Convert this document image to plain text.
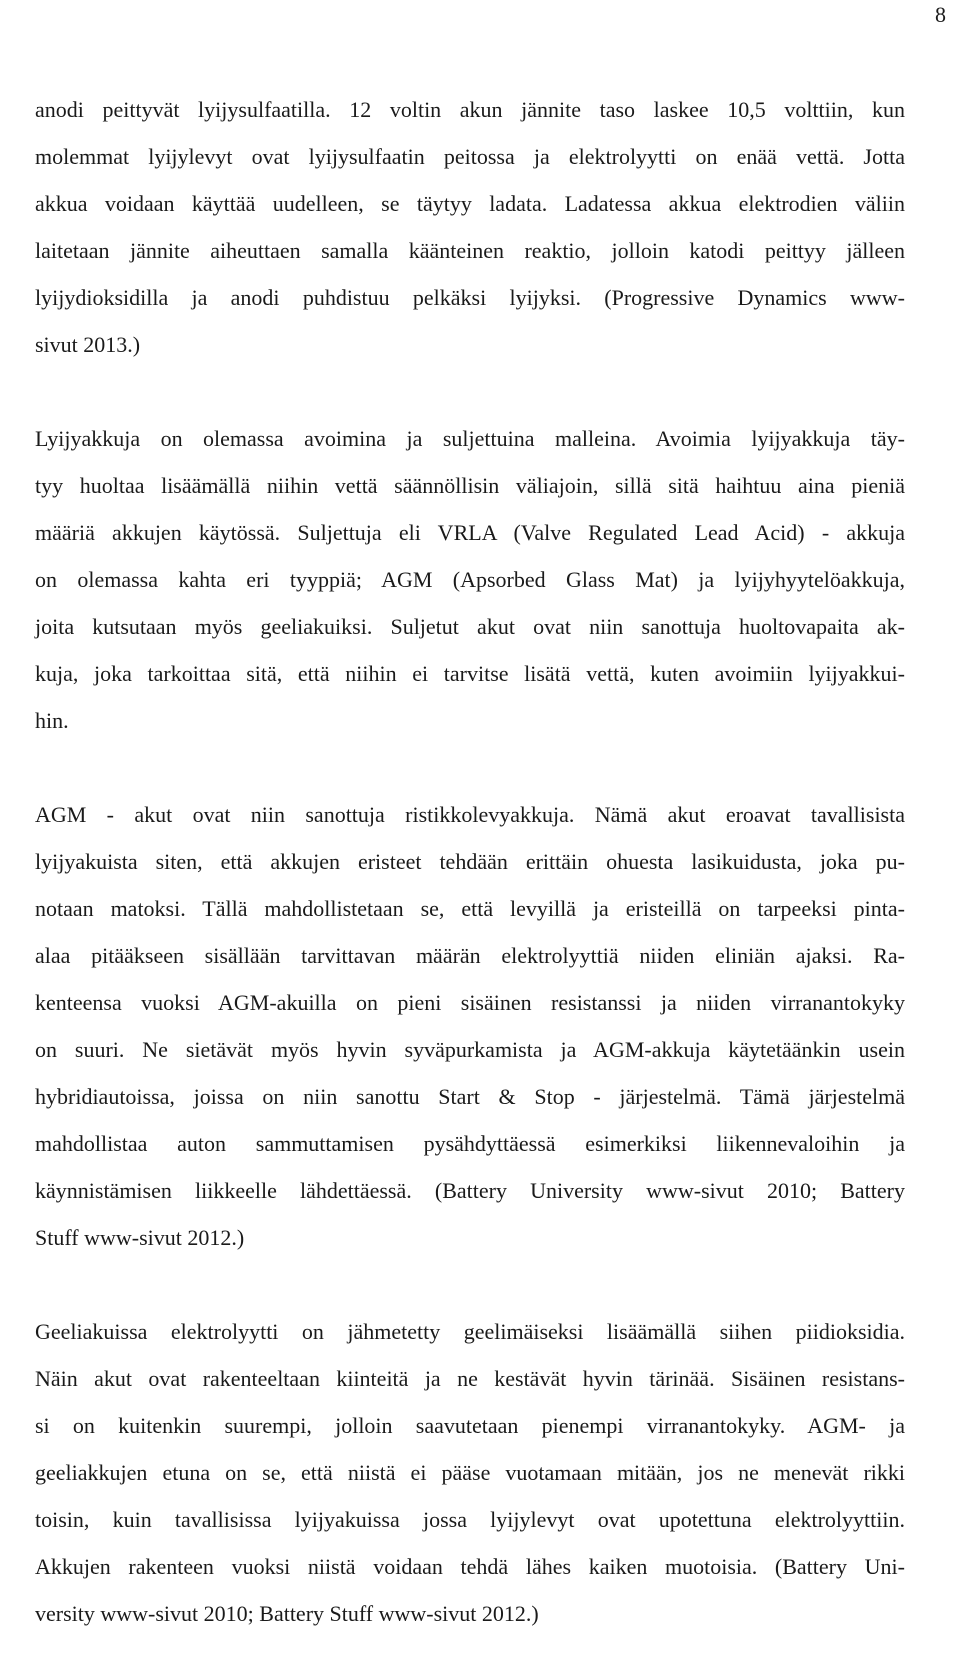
8
anodi peittyvät lyijysulfaatilla. 12 voltin akun jännite taso laskee 10,5 volttiin, kun
molemmat lyijylevyt ovat lyijysulfaatin peitossa ja elektrolyytti on enää vettä. Jotta
akkua voidaan käyttää uudelleen, se täytyy ladata. Ladatessa akkua elektrodien väliin
laitetaan jännite aiheuttaen samalla käänteinen reaktio, jolloin katodi peittyy jälleen
lyijydioksidilla ja anodi puhdistuu pelkäksi lyijyksi. (Progressive Dynamics www-
sivut 2013.)
Lyijyakkuja on olemassa avoimina ja suljettuina malleina. Avoimia lyijyakkuja täy-
tyy huoltaa lisäämällä niihin vettä säännöllisin väliajoin, sillä sitä haihtuu aina pieniä
määriä akkujen käytössä. Suljettuja eli VRLA (Valve Regulated Lead Acid) - akkuja
on olemassa kahta eri tyyppiä; AGM (Apsorbed Glass Mat) ja lyijyhyytelöakkuja,
joita kutsutaan myös geeliakuiksi. Suljetut akut ovat niin sanottuja huoltovapaita ak-
kuja, joka tarkoittaa sitä, että niihin ei tarvitse lisätä vettä, kuten avoimiin lyijyakkui-
hin.
AGM - akut ovat niin sanottuja ristikkolevyakkuja. Nämä akut eroavat tavallisista
lyijyakuista siten, että akkujen eristeet tehdään erittäin ohuesta lasikuidusta, joka pu-
notaan matoksi. Tällä mahdollistetaan se, että levyillä ja eristeillä on tarpeeksi pinta-
alaa pitääkseen sisällään tarvittavan määrän elektrolyyttiä niiden eliniän ajaksi. Ra-
kenteensa vuoksi AGM-akuilla on pieni sisäinen resistanssi ja niiden virranantokyky
on suuri. Ne sietävät myös hyvin syväpurkamista ja AGM-akkuja käytetäänkin usein
hybridiautoissa, joissa on niin sanottu Start & Stop - järjestelmä. Tämä järjestelmä
mahdollistaa auton sammuttamisen pysähdyttäessä esimerkiksi liikennevaloihin ja
käynnistämisen liikkeelle lähdettäessä. (Battery University www-sivut 2010; Battery
Stuff www-sivut 2012.)
Geeliakuissa elektrolyytti on jähmetetty geelimäiseksi lisäämällä siihen piidioksidia.
Näin akut ovat rakenteeltaan kiinteitä ja ne kestävät hyvin tärinää. Sisäinen resistans-
si on kuitenkin suurempi, jolloin saavutetaan pienempi virranantokyky. AGM- ja
geeliakkujen etuna on se, että niistä ei pääse vuotamaan mitään, jos ne menevät rikki
toisin, kuin tavallisissa lyijyakuissa jossa lyijylevyt ovat upotettuna elektrolyyttiin.
Akkujen rakenteen vuoksi niistä voidaan tehdä lähes kaiken muotoisia. (Battery Uni-
versity www-sivut 2010; Battery Stuff www-sivut 2012.)
